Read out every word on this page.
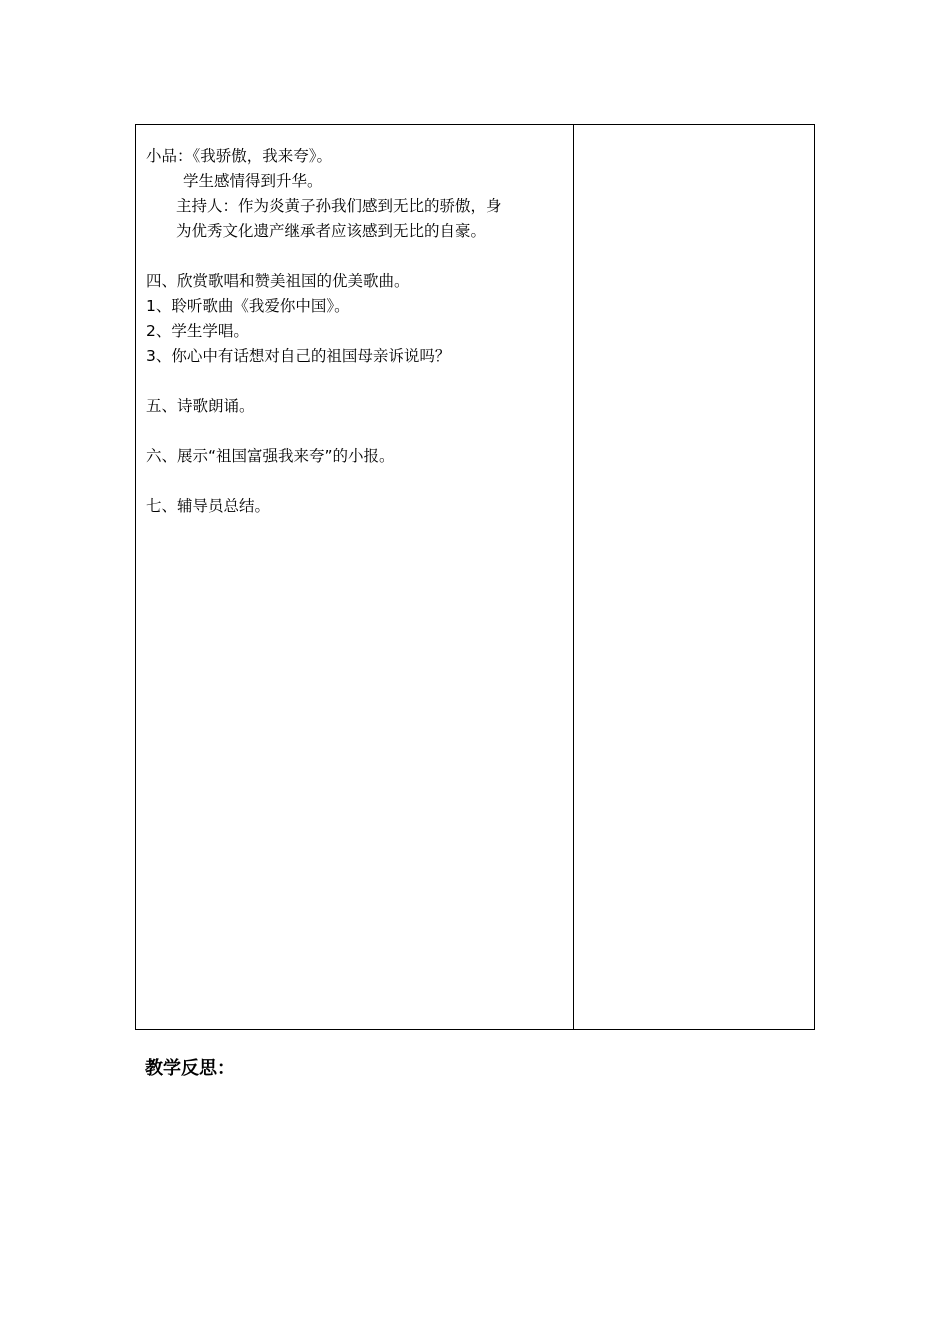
小品：《我骄傲，我来夸》。

学生感情得到升华。

主持人：作为炎黄子孙我们感到无比的骄傲，身

为优秀文化遗产继承者应该感到无比的自豪。

四、欣赏歌唱和赞美祖国的优美歌曲。

1、聆听歌曲《我爱你中国》。

2、学生学唱。

3、你心中有话想对自己的祖国母亲诉说吗？

五、诗歌朗诵。

六、展示“祖国富强我来夸”的小报。

七、辅导员总结。

教学反思：
